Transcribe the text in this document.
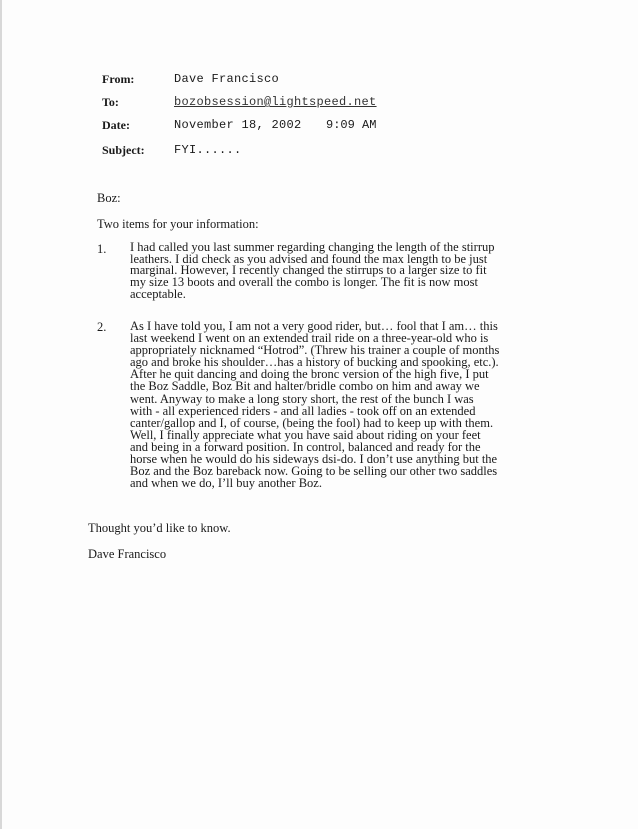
From:	Dave Francisco
To:	bozobsession@lightspeed.net
Date:	November 18, 2002 9:09 AM
Subject: FYI......
Boz:
Two items for your information:
1. I had called you last summer regarding changing the length of the stirrup
leathers. I did check as you advised and found the max length to be just
marginal. However, I recently changed the stirrups to a larger size to fit
my size 13 boots and overall the combo is longer. The fit is now most
acceptable.
2. As I have told you, I am not a very good rider, but… fool that I am… this
last weekend I went on an extended trail ride on a three-year-old who is
appropriately nicknamed “Hotrod”. (Threw his trainer a couple of months
ago and broke his shoulder…has a history of bucking and spooking, etc.).
After he quit dancing and doing the bronc version of the high five, I put
the Boz Saddle, Boz Bit and halter/bridle combo on him and away we
went. Anyway to make a long story short, the rest of the bunch I was
with - all experienced riders - and all ladies - took off on an extended
canter/gallop and I, of course, (being the fool) had to keep up with them.
Well, I finally appreciate what you have said about riding on your feet
and being in a forward position. In control, balanced and ready for the
horse when he would do his sideways dsi-do. I don’t use anything but the
Boz and the Boz bareback now. Going to be selling our other two saddles
and when we do, I’ll buy another Boz.
Thought you’d like to know.
Dave Francisco
